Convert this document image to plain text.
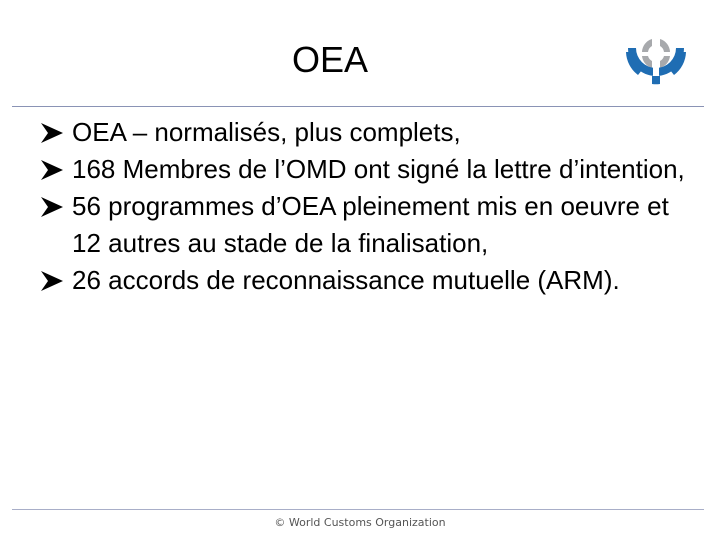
OEA
OEA – normalisés, plus complets,
168 Membres de l’OMD ont signé la lettre d’intention,
56 programmes d’OEA pleinement mis en oeuvre et 12 autres au stade de la finalisation,
26 accords de reconnaissance mutuelle (ARM).
© World Customs Organization
